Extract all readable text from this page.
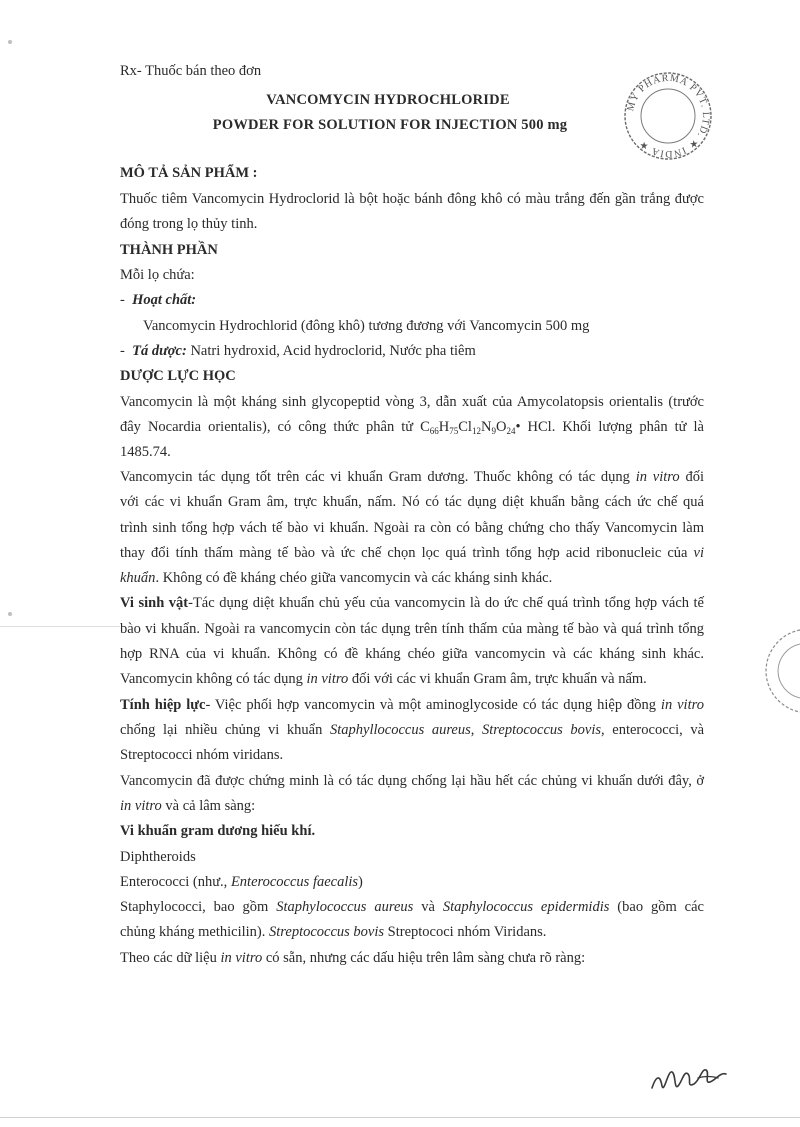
Rx- Thuốc bán theo đơn
VANCOMYCIN HYDROCHLORIDE
POWDER FOR SOLUTION FOR INJECTION 500 mg
MY PHARMA PVT. LTD. ★ INDIA ★
MÔ TẢ SẢN PHẨM :
Thuốc tiêm Vancomycin Hydroclorid là bột hoặc bánh đông khô có màu trắng đến gần trắng được
đóng trong lọ thủy tinh.
THÀNH PHẦN
Mỗi lọ chứa:
-  Hoạt chất:
Vancomycin Hydrochlorid (đông khô) tương đương với Vancomycin 500 mg
-  Tá dược: Natri hydroxid, Acid hydroclorid, Nước pha tiêm
DƯỢC LỰC HỌC
Vancomycin là một kháng sinh glycopeptid vòng 3, dẫn xuất của Amycolatopsis orientalis (trước
đây Nocardia orientalis), có công thức phân tử $C_{66}H_{75}Cl_{12}N_9O_{24}•$ HCl. Khối lượng phân tử là
1485.74.
Vancomycin tác dụng tốt trên các vi khuẩn Gram dương. Thuốc không có tác dụng in vitro đối
với các vi khuẩn Gram âm, trực khuẩn, nấm. Nó có tác dụng diệt khuẩn bằng cách ức chế quá
trình sinh tổng hợp vách tế bào vi khuẩn. Ngoài ra còn có bằng chứng cho thấy Vancomycin làm
thay đổi tính thấm màng tế bào và ức chế chọn lọc quá trình tổng hợp acid ribonucleic của vi
khuẩn. Không có đề kháng chéo giữa vancomycin và các kháng sinh khác.
Vi sinh vật-Tác dụng diệt khuẩn chủ yếu của vancomycin là do ức chế quá trình tổng hợp vách tế
bào vi khuẩn. Ngoài ra vancomycin còn tác dụng trên tính thấm của màng tế bào và quá trình tổng
hợp RNA của vi khuẩn. Không có đề kháng chéo giữa vancomycin và các kháng sinh khác.
Vancomycin không có tác dụng in vitro đối với các vi khuẩn Gram âm, trực khuẩn và nấm.
Tính hiệp lực- Việc phối hợp vancomycin và một aminoglycoside có tác dụng hiệp đồng in vitro
chống lại nhiều chủng vi khuẩn Staphyllococcus aureus, Streptococcus bovis, enterococci, và
Streptococci nhóm viridans.
Vancomycin đã được chứng minh là có tác dụng chống lại hầu hết các chủng vi khuẩn dưới đây, ở
in vitro và cả lâm sàng:
Vi khuẩn gram dương hiếu khí.
Diphtheroids
Enterococci (như., Enterococcus faecalis)
Staphylococci, bao gồm Staphylococcus aureus và Staphylococcus epidermidis (bao gồm các
chủng kháng methicilin). Streptococcus bovis Streptococi nhóm Viridans.
Theo các dữ liệu in vitro có sẵn, nhưng các dấu hiệu trên lâm sàng chưa rõ ràng:
